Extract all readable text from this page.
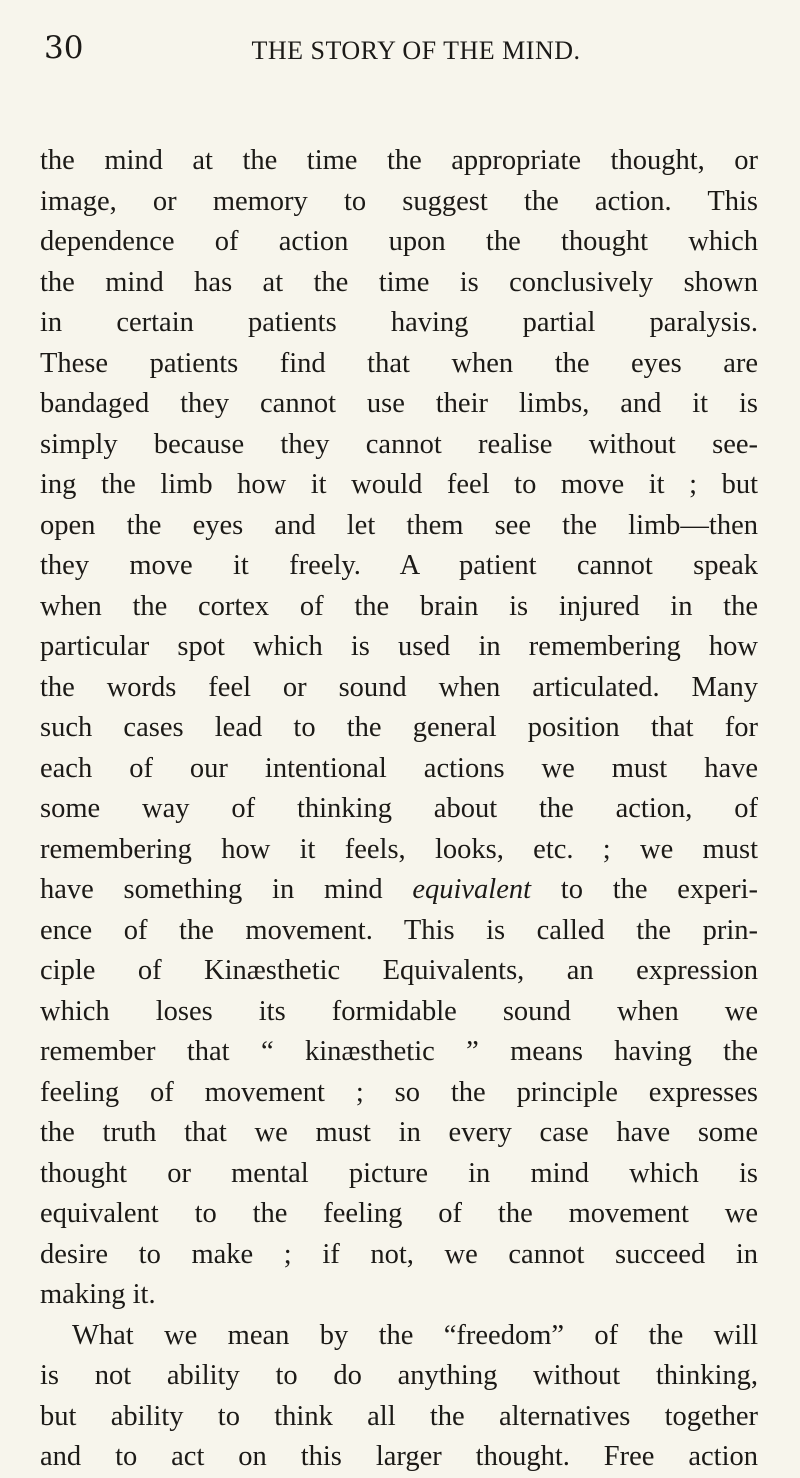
30	THE STORY OF THE MIND.
the mind at the time the appropriate thought, or
image, or memory to suggest the action. This
dependence of action upon the thought which
the mind has at the time is conclusively shown
in certain patients having partial paralysis.
These patients find that when the eyes are
bandaged they cannot use their limbs, and it is
simply because they cannot realise without see-
ing the limb how it would feel to move it ; but
open the eyes and let them see the limb—then
they move it freely. A patient cannot speak
when the cortex of the brain is injured in the
particular spot which is used in remembering how
the words feel or sound when articulated. Many
such cases lead to the general position that for
each of our intentional actions we must have
some way of thinking about the action, of
remembering how it feels, looks, etc. ; we must
have something in mind equivalent to the experi-
ence of the movement. This is called the prin-
ciple of Kinæsthetic Equivalents, an expression
which loses its formidable sound when we
remember that “ kinæsthetic ” means having the
feeling of movement ; so the principle expresses
the truth that we must in every case have some
thought or mental picture in mind which is
equivalent to the feeling of the movement we
desire to make ; if not, we cannot succeed in
making it.
What we mean by the “freedom” of the will
is not ability to do anything without thinking,
but ability to think all the alternatives together
and to act on this larger thought. Free action
